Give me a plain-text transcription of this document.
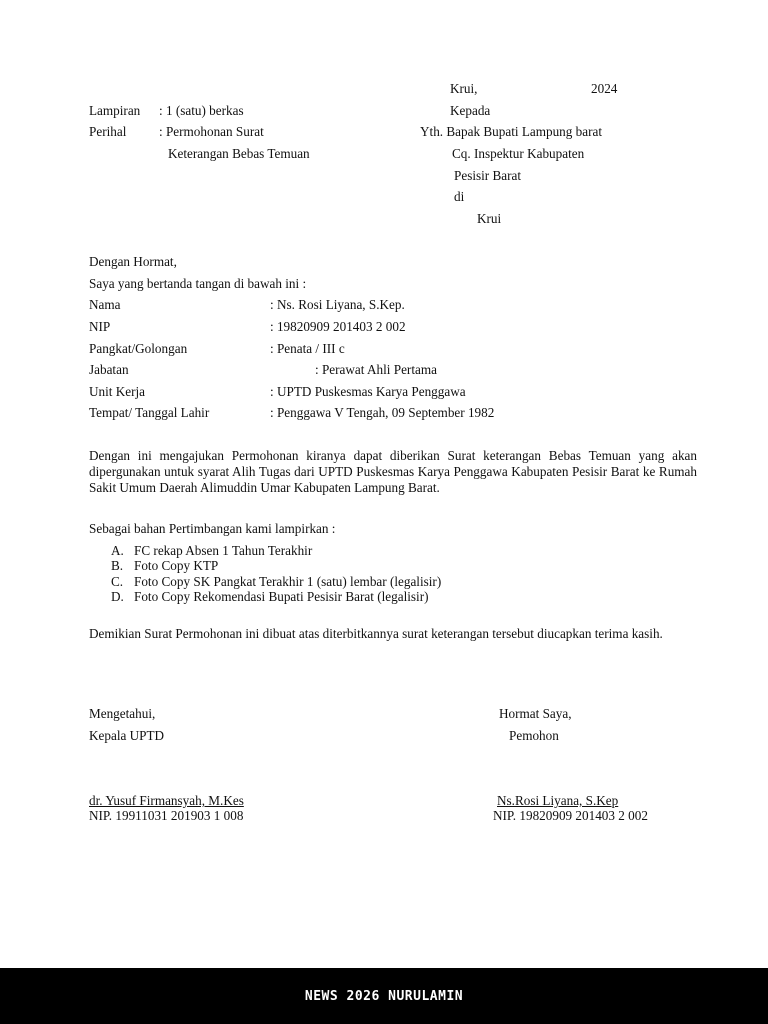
Krui,	2024
Lampiran : 1 (satu) berkas
Perihal : Permohonan Surat
Keterangan Bebas Temuan
Kepada
Yth. Bapak Bupati Lampung barat
Cq. Inspektur Kabupaten
Pesisir Barat
di
Krui
Dengan Hormat,
Saya yang bertanda tangan di bawah ini :
Nama	: Ns. Rosi Liyana, S.Kep.
NIP	: 19820909 201403 2 002
Pangkat/Golongan	: Penata / III c
Jabatan	: Perawat Ahli Pertama
Unit Kerja	: UPTD Puskesmas Karya Penggawa
Tempat/ Tanggal Lahir	: Penggawa V Tengah, 09 September 1982
Dengan ini mengajukan Permohonan kiranya dapat diberikan Surat keterangan Bebas Temuan yang akan dipergunakan untuk syarat Alih Tugas dari UPTD Puskesmas Karya Penggawa Kabupaten Pesisir Barat ke Rumah Sakit Umum Daerah Alimuddin Umar Kabupaten Lampung Barat.
Sebagai bahan Pertimbangan kami lampirkan :
A. FC rekap Absen 1 Tahun Terakhir
B. Foto Copy KTP
C. Foto Copy SK Pangkat Terakhir 1 (satu) lembar (legalisir)
D. Foto Copy Rekomendasi Bupati Pesisir Barat (legalisir)
Demikian Surat Permohonan ini dibuat atas diterbitkannya surat keterangan tersebut diucapkan terima kasih.
Mengetahui,
Kepala UPTD
dr. Yusuf Firmansyah, M.Kes
NIP. 19911031 201903 1 008
Hormat Saya,
Pemohon
Ns.Rosi Liyana, S.Kep
NIP. 19820909 201403 2 002
NEWS 2026 NURULAMIN
